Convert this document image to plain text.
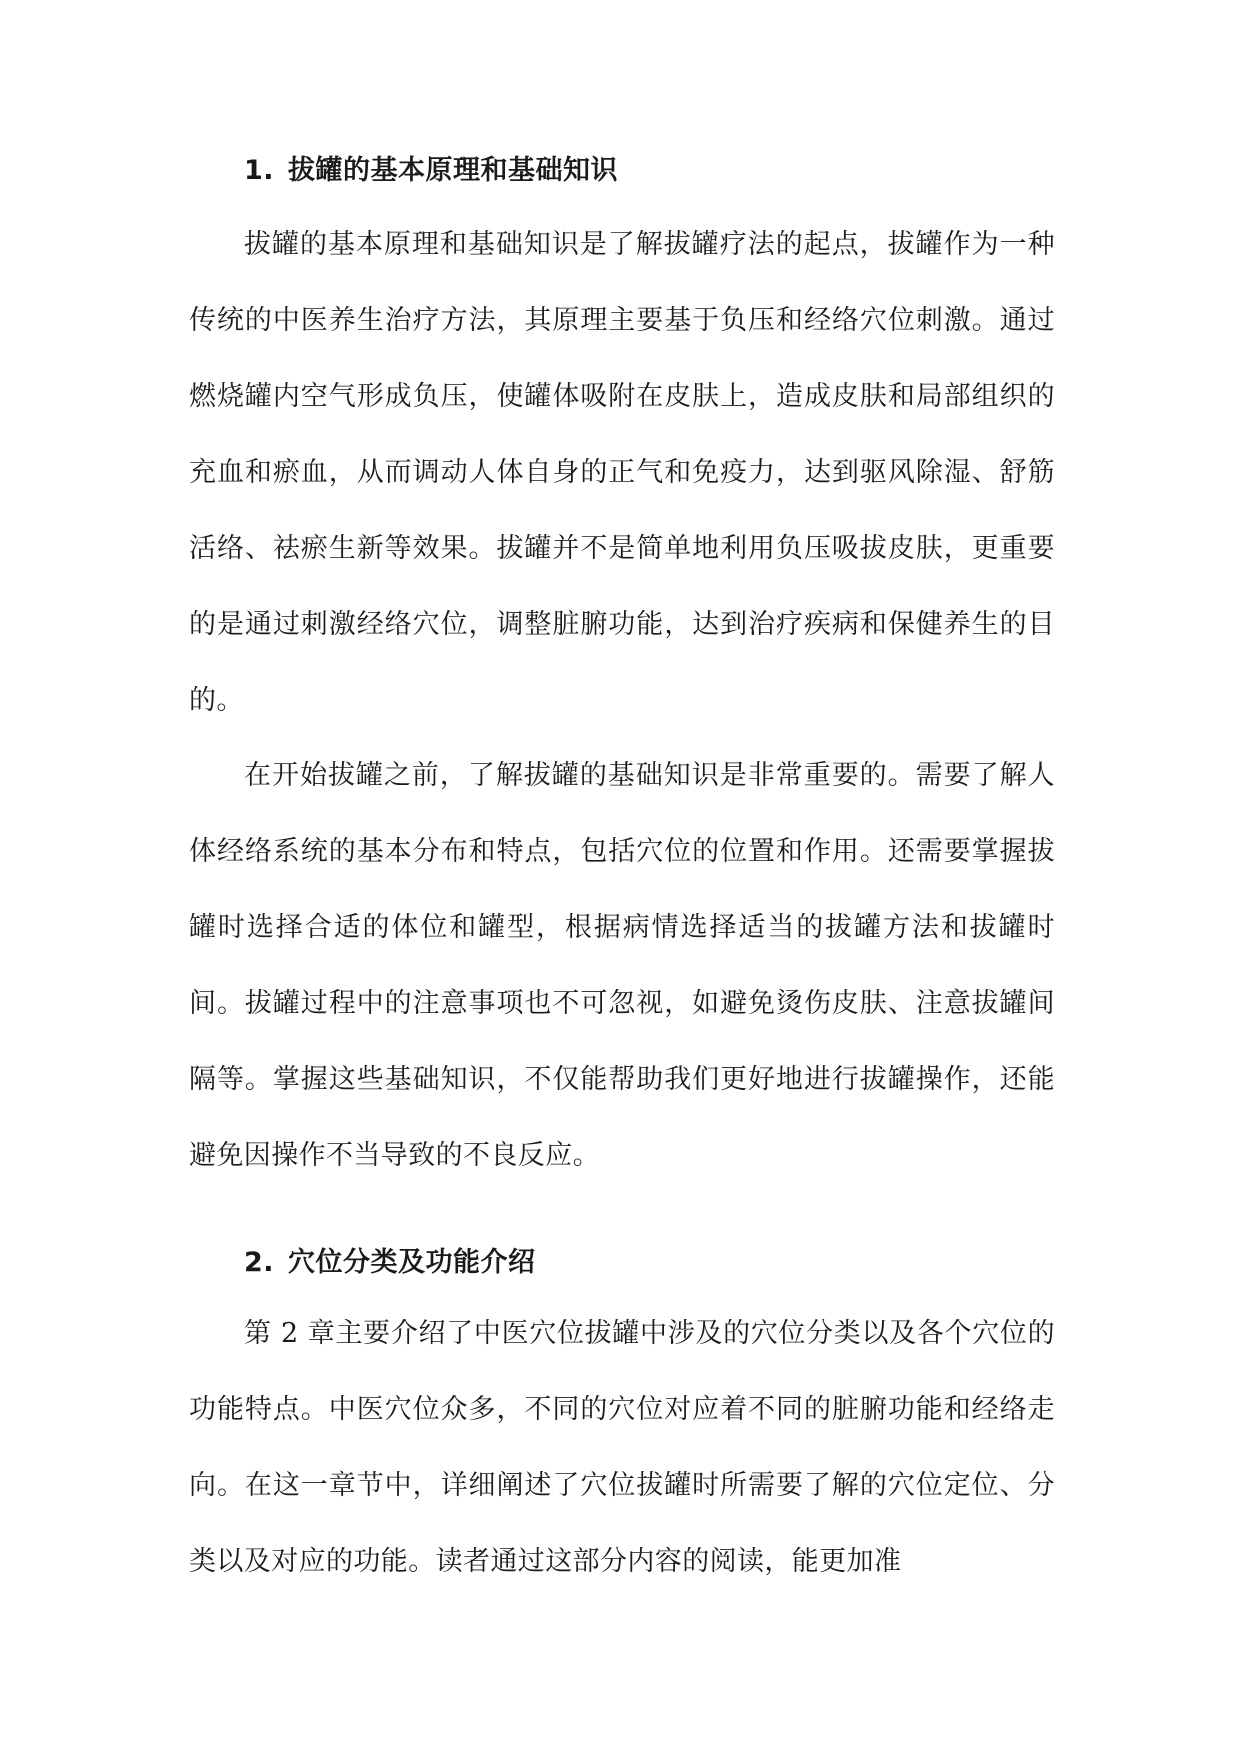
1. 拔罐的基本原理和基础知识

拔罐的基本原理和基础知识是了解拔罐疗法的起点，拔罐作为一种传统的中医养生治疗方法，其原理主要基于负压和经络穴位刺激。通过燃烧罐内空气形成负压，使罐体吸附在皮肤上，造成皮肤和局部组织的充血和瘀血，从而调动人体自身的正气和免疫力，达到驱风除湿、舒筋活络、祛瘀生新等效果。拔罐并不是简单地利用负压吸拔皮肤，更重要的是通过刺激经络穴位，调整脏腑功能，达到治疗疾病和保健养生的目的。

在开始拔罐之前，了解拔罐的基础知识是非常重要的。需要了解人体经络系统的基本分布和特点，包括穴位的位置和作用。还需要掌握拔罐时选择合适的体位和罐型，根据病情选择适当的拔罐方法和拔罐时间。拔罐过程中的注意事项也不可忽视，如避免烫伤皮肤、注意拔罐间隔等。掌握这些基础知识，不仅能帮助我们更好地进行拔罐操作，还能避免因操作不当导致的不良反应。

2. 穴位分类及功能介绍

第 2 章主要介绍了中医穴位拔罐中涉及的穴位分类以及各个穴位的功能特点。中医穴位众多，不同的穴位对应着不同的脏腑功能和经络走向。在这一章节中，详细阐述了穴位拔罐时所需要了解的穴位定位、分类以及对应的功能。读者通过这部分内容的阅读，能更加准
